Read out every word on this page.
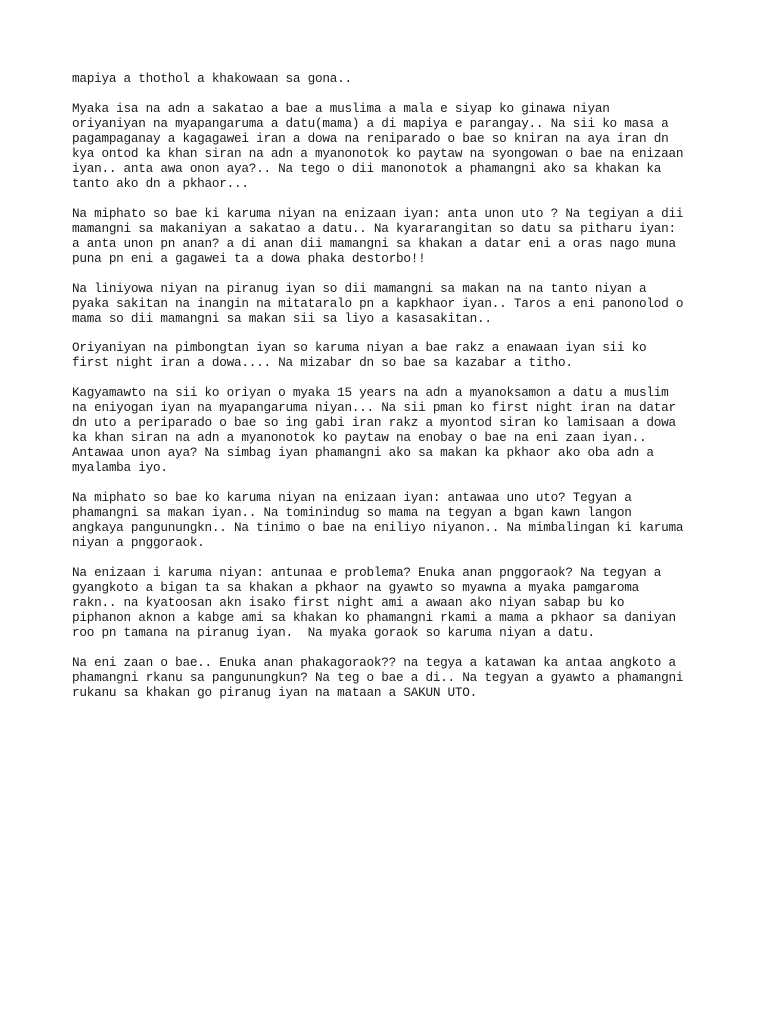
mapiya a thothol a khakowaan sa gona..
Myaka isa na adn a sakatao a bae a muslima a mala e siyap ko ginawa niyan
oriyaniyan na myapangaruma a datu(mama) a di mapiya e parangay.. Na sii ko masa a
pagampaganay a kagagawei iran a dowa na reniparado o bae so kniran na aya iran dn
kya ontod ka khan siran na adn a myanonotok ko paytaw na syongowan o bae na enizaan
iyan.. anta awa onon aya?.. Na tego o dii manonotok a phamangni ako sa khakan ka
tanto ako dn a pkhaor...
Na miphato so bae ki karuma niyan na enizaan iyan: anta unon uto ? Na tegiyan a dii
mamangni sa makaniyan a sakatao a datu.. Na kyararangitan so datu sa pitharu iyan:
a anta unon pn anan? a di anan dii mamangni sa khakan a datar eni a oras nago muna
puna pn eni a gagawei ta a dowa phaka destorbo!!
Na liniyowa niyan na piranug iyan so dii mamangni sa makan na na tanto niyan a
pyaka sakitan na inangin na mitataralo pn a kapkhaor iyan.. Taros a eni panonolod o
mama so dii mamangni sa makan sii sa liyo a kasasakitan..
Oriyaniyan na pimbongtan iyan so karuma niyan a bae rakz a enawaan iyan sii ko
first night iran a dowa.... Na mizabar dn so bae sa kazabar a titho.
Kagyamawto na sii ko oriyan o myaka 15 years na adn a myanoksamon a datu a muslim
na eniyogan iyan na myapangaruma niyan... Na sii pman ko first night iran na datar
dn uto a periparado o bae so ing gabi iran rakz a myontod siran ko lamisaan a dowa
ka khan siran na adn a myanonotok ko paytaw na enobay o bae na eni zaan iyan..
Antawaa unon aya? Na simbag iyan phamangni ako sa makan ka pkhaor ako oba adn a
myalamba iyo.
Na miphato so bae ko karuma niyan na enizaan iyan: antawaa uno uto? Tegyan a
phamangni sa makan iyan.. Na tominindug so mama na tegyan a bgan kawn langon
angkaya pangunungkn.. Na tinimo o bae na eniliyo niyanon.. Na mimbalingan ki karuma
niyan a pnggoraok.
Na enizaan i karuma niyan: antunaa e problema? Enuka anan pnggoraok? Na tegyan a
gyangkoto a bigan ta sa khakan a pkhaor na gyawto so myawna a myaka pamgaroma
rakn.. na kyatoosan akn isako first night ami a awaan ako niyan sabap bu ko
piphanon aknon a kabge ami sa khakan ko phamangni rkami a mama a pkhaor sa daniyan
roo pn tamana na piranug iyan.  Na myaka goraok so karuma niyan a datu.
Na eni zaan o bae.. Enuka anan phakagoraok?? na tegya a katawan ka antaa angkoto a
phamangni rkanu sa pangunungkun? Na teg o bae a di.. Na tegyan a gyawto a phamangni
rukanu sa khakan go piranug iyan na mataan a SAKUN UTO.
